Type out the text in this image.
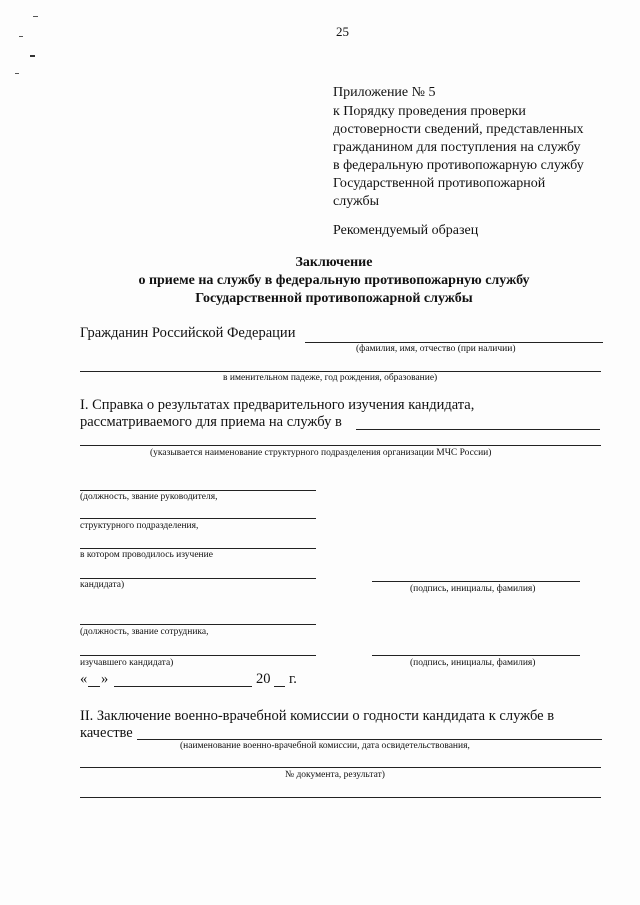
25
Приложение № 5
к Порядку проведения проверки
достоверности сведений, представленных
гражданином для поступления на службу
в федеральную противопожарную службу
Государственной противопожарной
службы
Рекомендуемый образец
Заключение
о приеме на службу в федеральную противопожарную службу
Государственной противопожарной службы
Гражданин Российской Федерации
(фамилия, имя, отчество (при наличии)
в именительном падеже, год рождения, образование)
I. Справка о результатах предварительного изучения кандидата,
рассматриваемого для приема на службу в
(указывается наименование структурного подразделения организации МЧС России)
(должность, звание руководителя,
структурного подразделения,
в котором проводилось изучение
кандидата)	(подпись, инициалы, фамилия)
(должность, звание сотрудника,
изучавшего кандидата)	(подпись, инициалы, фамилия)
« »	20 г.
II. Заключение военно-врачебной комиссии о годности кандидата к службе в
качестве
(наименование военно-врачебной комиссии, дата освидетельствования,
№ документа, результат)
